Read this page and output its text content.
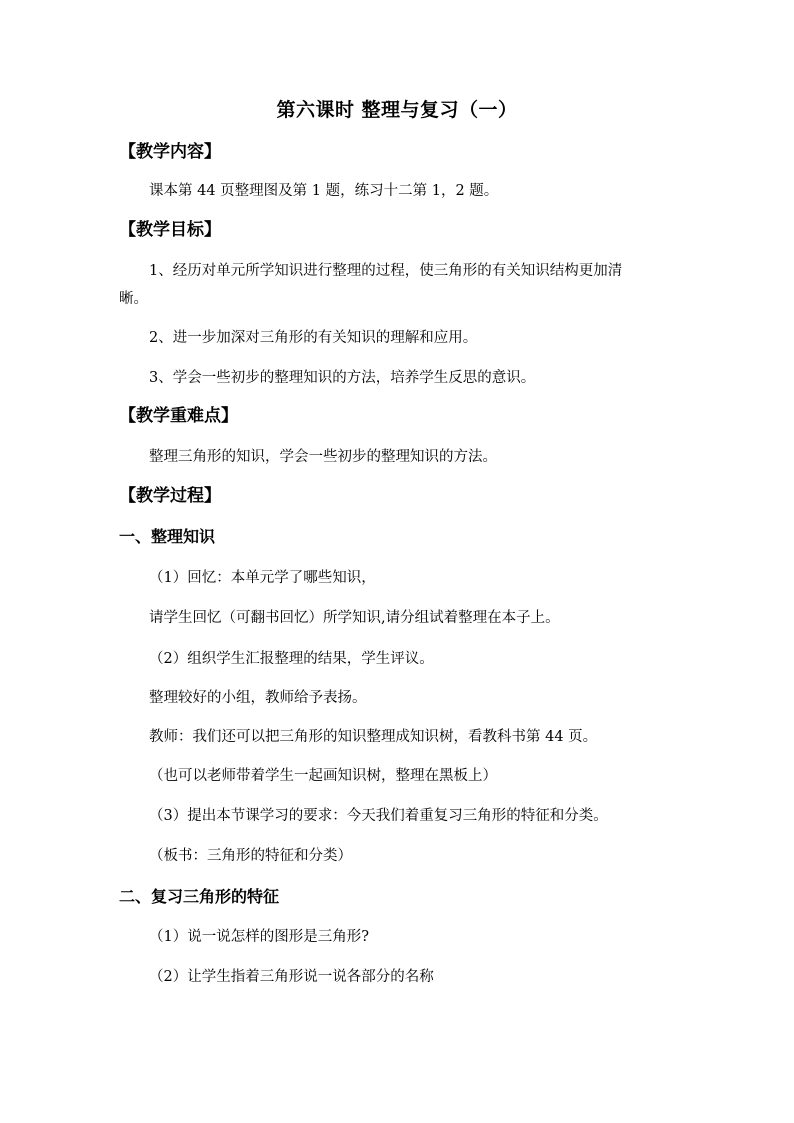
第六课时 整理与复习（一）
【教学内容】
课本第 44 页整理图及第 1 题，练习十二第 1，2 题。
【教学目标】
1、经历对单元所学知识进行整理的过程，使三角形的有关知识结构更加清
晰。
2、进一步加深对三角形的有关知识的理解和应用。
3、学会一些初步的整理知识的方法，培养学生反思的意识。
【教学重难点】
整理三角形的知识，学会一些初步的整理知识的方法。
【教学过程】
一、整理知识
（1）回忆：本单元学了哪些知识，
请学生回忆（可翻书回忆）所学知识,请分组试着整理在本子上。
（2）组织学生汇报整理的结果，学生评议。
整理较好的小组，教师给予表扬。
教师：我们还可以把三角形的知识整理成知识树，看教科书第 44 页。
（也可以老师带着学生一起画知识树，整理在黑板上）
（3）提出本节课学习的要求：今天我们着重复习三角形的特征和分类。
（板书：三角形的特征和分类）
二、复习三角形的特征
（1）说一说怎样的图形是三角形?
（2）让学生指着三角形说一说各部分的名称
